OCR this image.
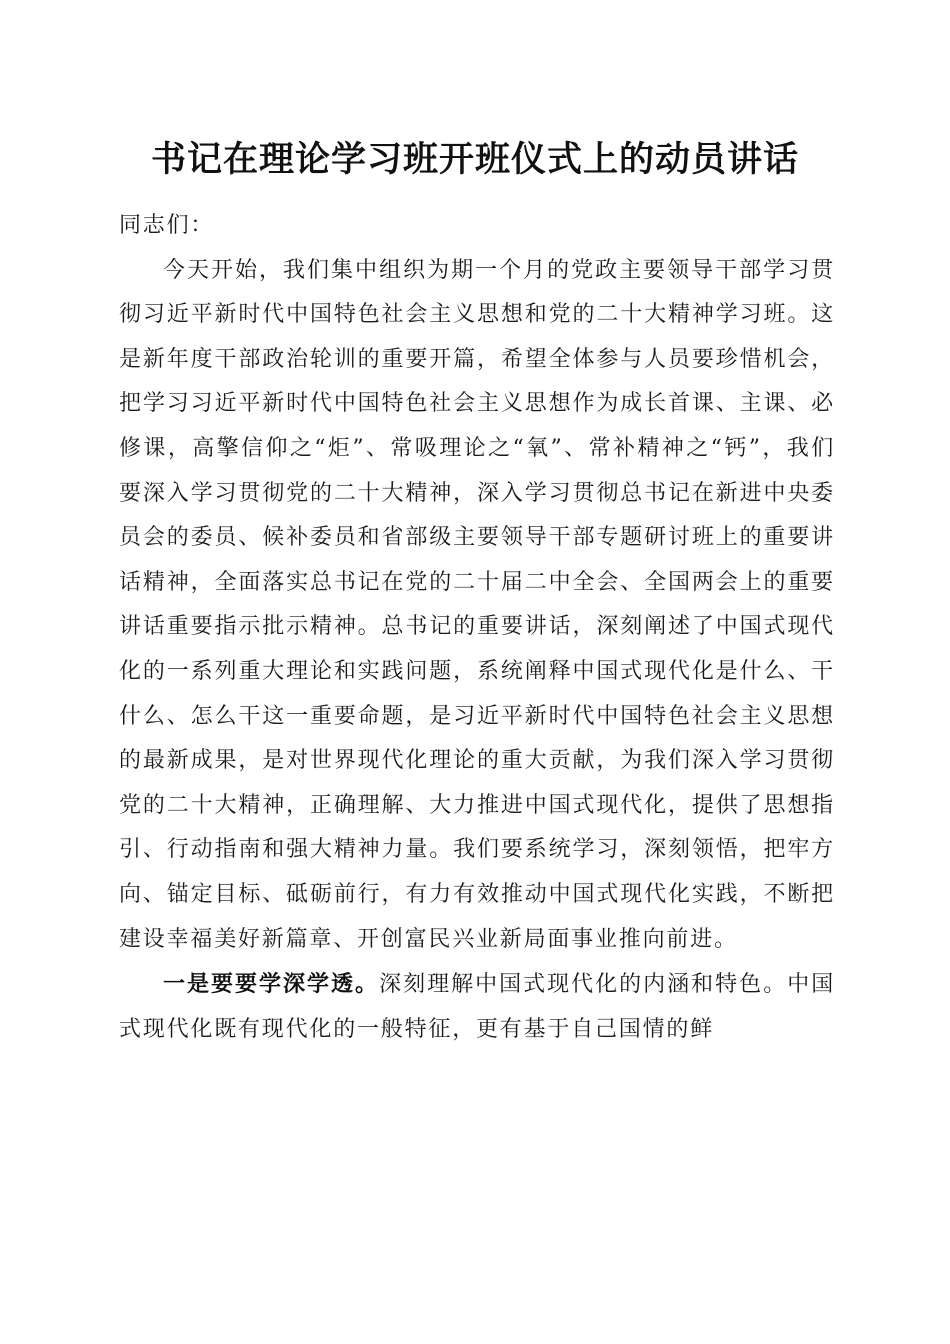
书记在理论学习班开班仪式上的动员讲话

同志们：

今天开始，我们集中组织为期一个月的党政主要领导干部学习贯彻习近平新时代中国特色社会主义思想和党的二十大精神学习班。这是新年度干部政治轮训的重要开篇，希望全体参与人员要珍惜机会，把学习习近平新时代中国特色社会主义思想作为成长首课、主课、必修课，高擎信仰之“炬”、常吸理论之“氧”、常补精神之“钙”，我们要深入学习贯彻党的二十大精神，深入学习贯彻总书记在新进中央委员会的委员、候补委员和省部级主要领导干部专题研讨班上的重要讲话精神，全面落实总书记在党的二十届二中全会、全国两会上的重要讲话重要指示批示精神。总书记的重要讲话，深刻阐述了中国式现代化的一系列重大理论和实践问题，系统阐释中国式现代化是什么、干什么、怎么干这一重要命题，是习近平新时代中国特色社会主义思想的最新成果，是对世界现代化理论的重大贡献，为我们深入学习贯彻党的二十大精神，正确理解、大力推进中国式现代化，提供了思想指引、行动指南和强大精神力量。我们要系统学习，深刻领悟，把牢方向、锚定目标、砥砺前行，有力有效推动中国式现代化实践，不断把建设幸福美好新篇章、开创富民兴业新局面事业推向前进。

一是要要学深学透。深刻理解中国式现代化的内涵和特色。中国式现代化既有现代化的一般特征，更有基于自己国情的鲜
